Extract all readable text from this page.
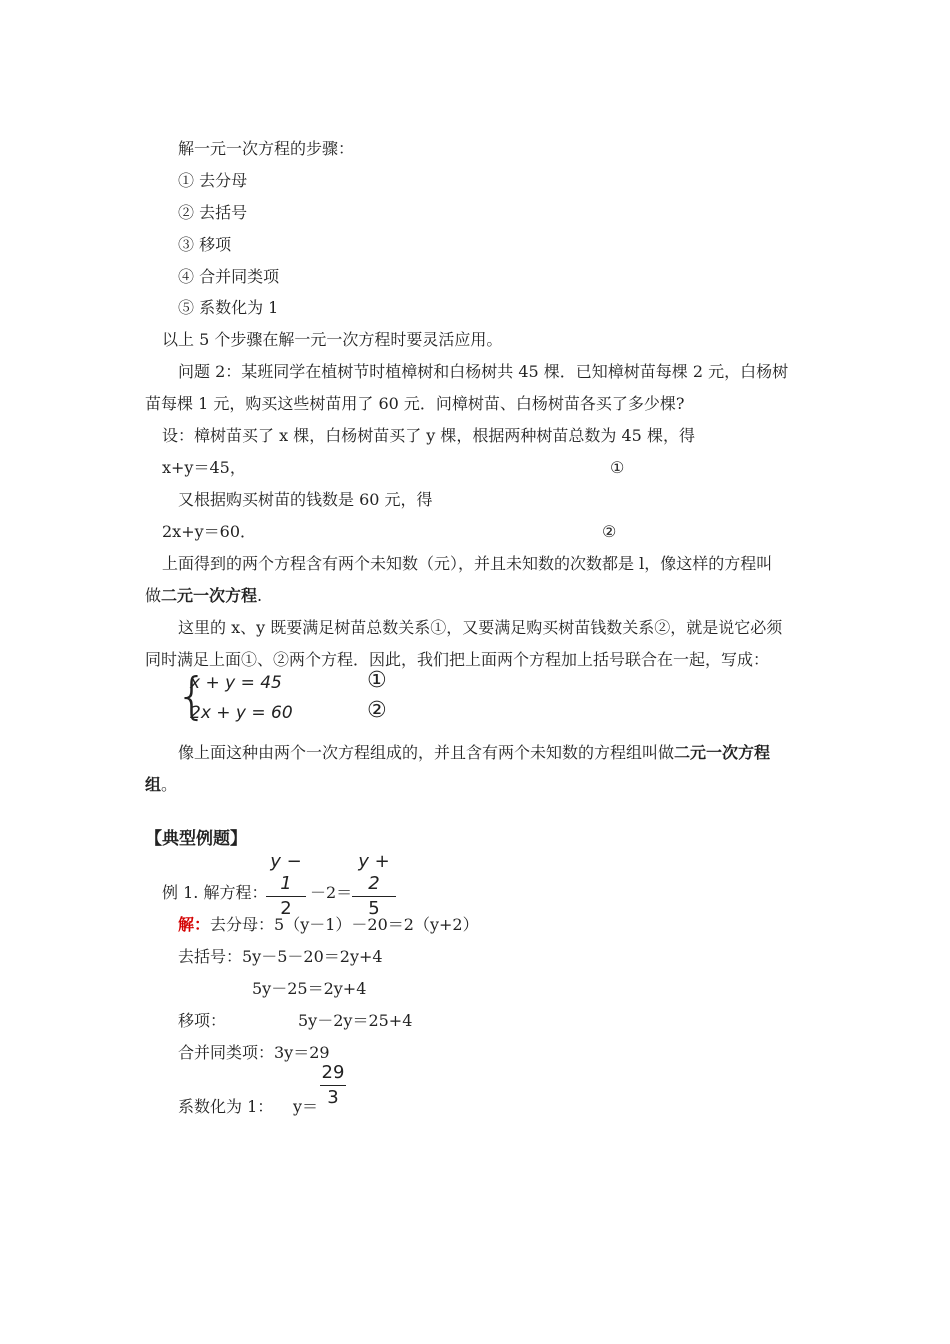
解一元一次方程的步骤：
① 去分母
② 去括号
③ 移项
④ 合并同类项
⑤ 系数化为 1
以上 5 个步骤在解一元一次方程时要灵活应用。
问题 2：某班同学在植树节时植樟树和白杨树共 45 棵．已知樟树苗每棵 2 元，白杨树
苗每棵 1 元，购买这些树苗用了 60 元．问樟树苗、白杨树苗各买了多少棵?
设：樟树苗买了 x 棵，白杨树苗买了 y 棵，根据两种树苗总数为 45 棵，得
x+y＝45，	①
又根据购买树苗的钱数是 60 元，得
2x+y＝60．	②
上面得到的两个方程含有两个未知数（元），并且未知数的次数都是 l，像这样的方程叫
做二元一次方程.
这里的 x、y 既要满足树苗总数关系①，又要满足购买树苗钱数关系②，就是说它必须
同时满足上面①、②两个方程．因此，我们把上面两个方程加上括号联合在一起，写成：
{
x + y = 45	①
2x + y = 60	②
像上面这种由两个一次方程组成的，并且含有两个未知数的方程组叫做二元一次方程
组。
【典型例题】
例 1. 解方程：
y − 1
2
－2＝
y + 2
5
解：去分母：5（y－1）－20＝2（y+2）
去括号：5y－5－20＝2y+4
5y－25＝2y+4
移项：	5y－2y＝25+4
合并同类项：3y＝29
系数化为 1： y＝
29
3
